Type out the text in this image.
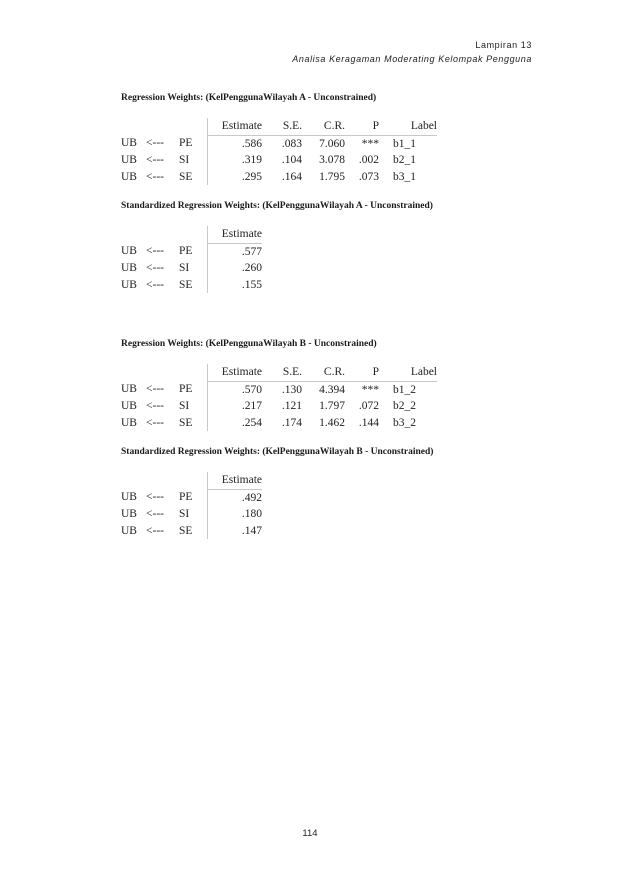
Lampiran 13
Analisa Keragaman Moderating Kelompak Pengguna
Regression Weights: (KelPenggunaWilayah A - Unconstrained)
			Estimate	S.E.	C.R.	P	Label
UB	<---	PE	.586	.083	7.060	***	b1_1
UB	<---	SI	.319	.104	3.078	.002	b2_1
UB	<---	SE	.295	.164	1.795	.073	b3_1
Standardized Regression Weights: (KelPenggunaWilayah A - Unconstrained)
			Estimate
UB	<---	PE	.577
UB	<---	SI	.260
UB	<---	SE	.155
Regression Weights: (KelPenggunaWilayah B - Unconstrained)
			Estimate	S.E.	C.R.	P	Label
UB	<---	PE	.570	.130	4.394	***	b1_2
UB	<---	SI	.217	.121	1.797	.072	b2_2
UB	<---	SE	.254	.174	1.462	.144	b3_2
Standardized Regression Weights: (KelPenggunaWilayah B - Unconstrained)
			Estimate
UB	<---	PE	.492
UB	<---	SI	.180
UB	<---	SE	.147
114
